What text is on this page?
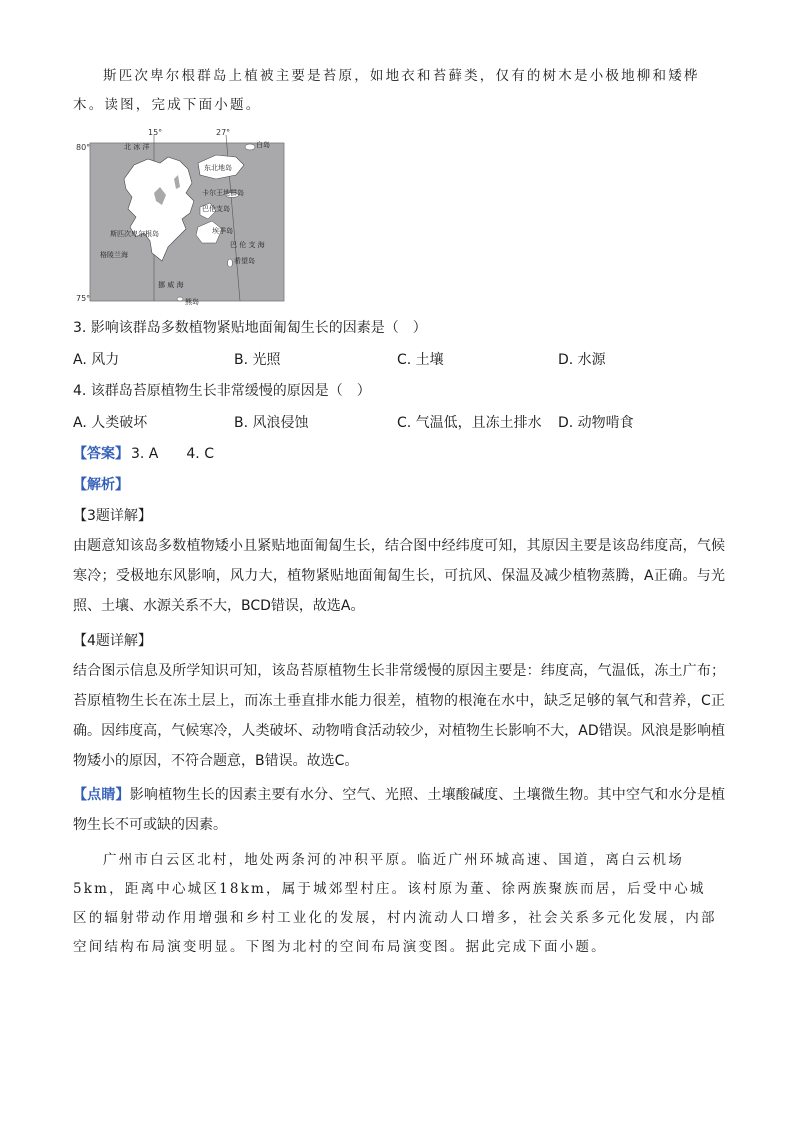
斯匹次卑尔根群岛上植被主要是苔原，如地衣和苔藓类，仅有的树木是小极地柳和矮桦木。读图，完成下面小题。
80°
75°
15°	27°
白岛
北 冰 洋
东北地岛
卡尔王地群岛
巴伦支岛
斯匹次卑尔根岛	埃季岛
格陵兰海
巴 伦 支 海
希望岛
挪 威 海
熊岛
3. 影响该群岛多数植物紧贴地面匍匐生长的因素是（　）
A. 风力	B. 光照	C. 土壤	D. 水源
4. 该群岛苔原植物生长非常缓慢的原因是（　）
A. 人类破坏	B. 风浪侵蚀	C. 气温低，且冻土排水 D. 动物啃食
【答案】 3. A 4. C
【解析】
【3题详解】
由题意知该岛多数植物矮小且紧贴地面匍匐生长，结合图中经纬度可知，其原因主要是该岛纬度高，气候寒冷；受极地东风影响，风力大，植物紧贴地面匍匐生长，可抗风、保温及减少植物蒸腾，A正确。与光照、土壤、水源关系不大，BCD错误，故选A。
【4题详解】
结合图示信息及所学知识可知，该岛苔原植物生长非常缓慢的原因主要是：纬度高，气温低，冻土广布；苔原植物生长在冻土层上，而冻土垂直排水能力很差，植物的根淹在水中，缺乏足够的氧气和营养，C正确。因纬度高，气候寒冷，人类破坏、动物啃食活动较少，对植物生长影响不大，AD错误。风浪是影响植物矮小的原因，不符合题意，B错误。故选C。
【点睛】影响植物生长的因素主要有水分、空气、光照、土壤酸碱度、土壤微生物。其中空气和水分是植物生长不可或缺的因素。
广州市白云区北村，地处两条河的冲积平原。临近广州环城高速、国道，离白云机场5km，距离中心城区18km，属于城郊型村庄。该村原为董、徐两族聚族而居，后受中心城区的辐射带动作用增强和乡村工业化的发展，村内流动人口增多，社会关系多元化发展，内部空间结构布局演变明显。下图为北村的空间布局演变图。据此完成下面小题。
